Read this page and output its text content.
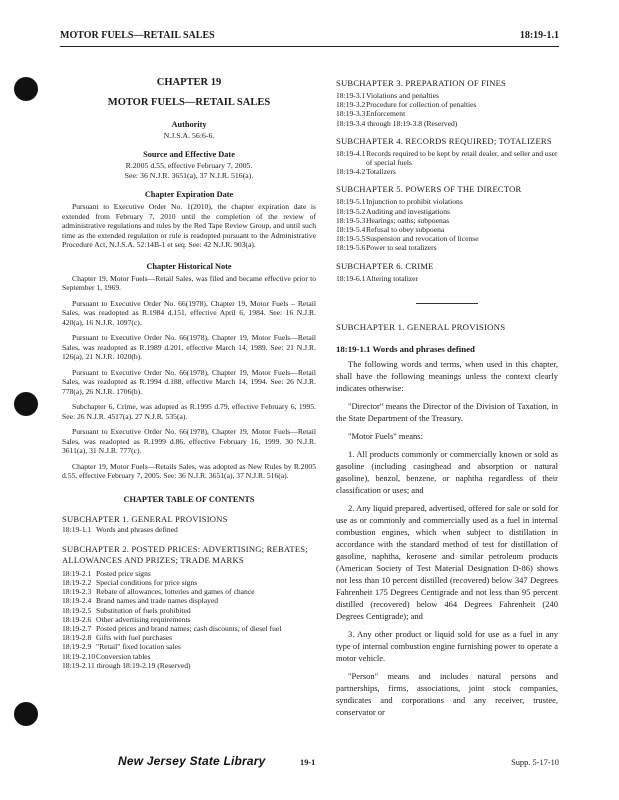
MOTOR FUELS—RETAIL SALES	18:19-1.1
CHAPTER 19
MOTOR FUELS—RETAIL SALES
Authority
N.J.S.A. 56:6-6.
Source and Effective Date
R.2005 d.55, effective February 7, 2005.
See: 36 N.J.R. 3651(a), 37 N.J.R. 516(a).
Chapter Expiration Date
Pursuant to Executive Order No. 1(2010), the chapter expiration date is extended from February 7, 2010 until the completion of the review of administrative regulations and rules by the Red Tape Review Group, and until such time as the extended regulation or rule is readopted pursuant to the Administrative Procedure Act, N.J.S.A. 52:14B-1 et seq. See: 42 N.J.R. 903(a).
Chapter Historical Note
Chapter 19, Motor Fuels—Retail Sales, was filed and became effective prior to September 1, 1969.
Pursuant to Executive Order No. 66(1978), Chapter 19, Motor Fuels – Retail Sales, was readopted as R.1984 d.151, effective April 6, 1984. See: 16 N.J.R. 420(a), 16 N.J.R. 1097(c).
Pursuant to Executive Order No. 66(1978), Chapter 19, Motor Fuels—Retail Sales, was readopted as R.1989 d.201, effective March 14, 1989. See: 21 N.J.R. 126(a), 21 N.J.R. 1020(b).
Pursuant to Executive Order No. 66(1978), Chapter 19, Motor Fuels—Retail Sales, was readopted as R.1994 d.188, effective March 14, 1994. See: 26 N.J.R. 778(a), 26 N.J.R. 1706(b).
Subchapter 6, Crime, was adopted as R.1995 d.79, effective February 6, 1995. See: 26 N.J.R. 4517(a), 27 N.J.R. 535(a).
Pursuant to Executive Order No. 66(1978), Chapter 19, Motor Fuels—Retail Sales, was readopted as R.1999 d.86, effective February 16, 1999. 30 N.J.R. 3611(a), 31 N.J.R. 777(c).
Chapter 19, Motor Fuels—Retails Sales, was adopted as New Rules by R.2005 d.55, effective February 7, 2005. See: 36 N.J.R. 3651(a), 37 N.J.R. 516(a).
CHAPTER TABLE OF CONTENTS
SUBCHAPTER 1. GENERAL PROVISIONS
18:19-1.1 Words and phrases defined
SUBCHAPTER 2. POSTED PRICES: ADVERTISING; REBATES; ALLOWANCES AND PRIZES; TRADE MARKS
18:19-2.1 Posted price signs
18:19-2.2 Special conditions for price signs
18:19-2.3 Rebate of allowances, lotteries and games of chance
18:19-2.4 Brand names and trade names displayed
18:19-2.5 Substitution of fuels prohibited
18:19-2.6 Other advertising requirements
18:19-2.7 Posted prices and brand names; cash discounts; of diesel fuel
18:19-2.8 Gifts with fuel purchases
18:19-2.9 "Retail" fixed location sales
18:19-2.10 Conversion tables
18:19-2.11 through 18:19-2.19 (Reserved)
SUBCHAPTER 3. PREPARATION OF FINES
18:19-3.1 Violations and penalties
18:19-3.2 Procedure for collection of penalties
18:19-3.3 Enforcement
18:19-3.4 through 18:19-3.8 (Reserved)
SUBCHAPTER 4. RECORDS REQUIRED; TOTALIZERS
18:19-4.1 Records required to be kept by retail dealer, and seller and user of special fuels
18:19-4.2 Totalizers
SUBCHAPTER 5. POWERS OF THE DIRECTOR
18:19-5.1 Injunction to prohibit violations
18:19-5.2 Auditing and investigations
18:19-5.3 Hearings; oaths; subpoenas
18:19-5.4 Refusal to obey subpoena
18:19-5.5 Suspension and revocation of license
18:19-5.6 Power to seal totalizers
SUBCHAPTER 6. CRIME
18:19-6.1 Altering totalizer
SUBCHAPTER 1. GENERAL PROVISIONS
18:19-1.1 Words and phrases defined
The following words and terms, when used in this chapter, shall have the following meanings unless the context clearly indicates otherwise:
"Director" means the Director of the Division of Taxation, in the State Department of the Treasury.
"Motor Fuels" means:
1. All products commonly or commercially known or sold as gasoline (including casinghead and absorption or natural gasoline), benzol, benzene, or naphtha regardless of their classification or uses; and
2. Any liquid prepared, advertised, offered for sale or sold for use as or commonly and commercially used as a fuel in internal combustion engines, which when subject to distillation in accordance with the standard method of test for distillation of gasoline, naphtha, kerosene and similar petroleum products (American Society of Test Material Designation D-86) shows not less than 10 percent distilled (recovered) below 347 Degrees Fahrenheit 175 Degrees Centigrade and not less than 95 percent distilled (recovered) below 464 Degrees Fahrenheit (240 Degrees Centigrade); and
3. Any other product or liquid sold for use as a fuel in any type of internal combustion engine furnishing power to operate a motor vehicle.
"Person" means and includes natural persons and partnerships, firms, associations, joint stock companies, syndicates and corporations and any receiver, trustee, conservator or
New Jersey State Library	19-1	Supp. 5-17-10
